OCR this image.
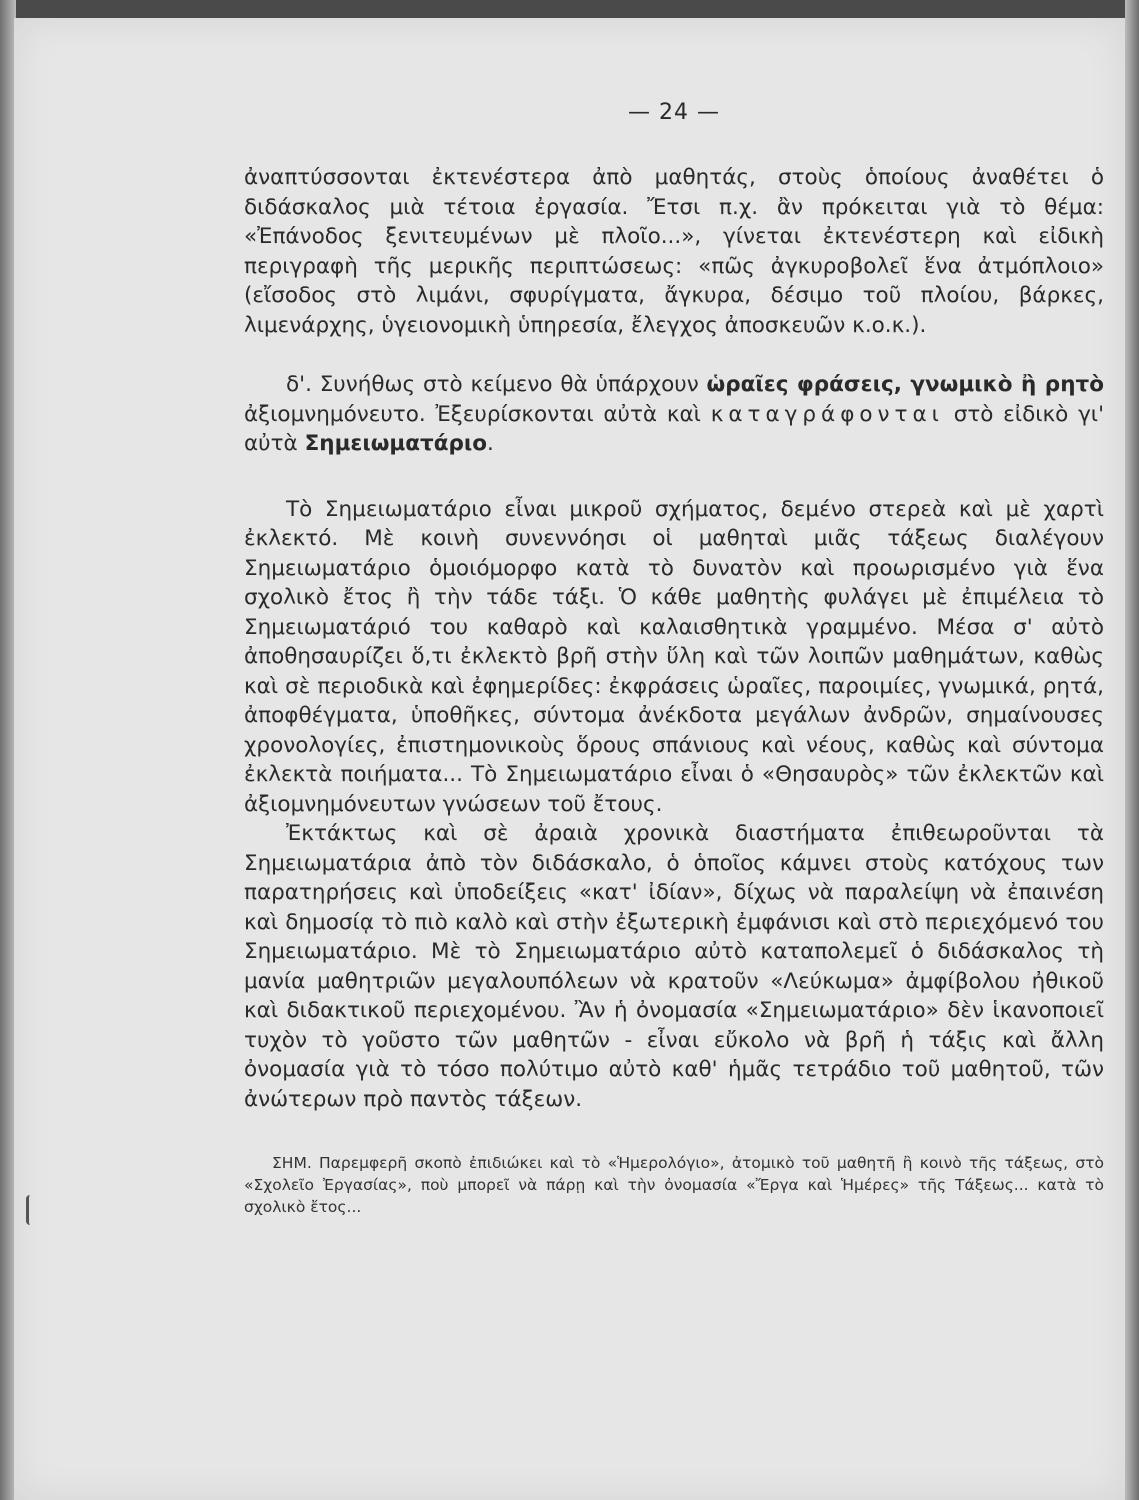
— 24 —

ἀναπτύσσονται ἐκτενέστερα ἀπὸ μαθητάς, στοὺς ὁποίους ἀναθέτει ὁ διδάσκαλος μιὰ τέτοια ἐργασία. Ἔτσι π.χ. ἂν πρόκειται γιὰ τὸ θέμα: «Ἐπάνοδος ξενιτευμένων μὲ πλοῖο...», γίνεται ἐκτενέστερη καὶ εἰδικὴ περιγραφὴ τῆς μερικῆς περιπτώσεως: «πῶς ἀγκυροβολεῖ ἕνα ἀτμόπλοιο» (εἴσοδος στὸ λιμάνι, σφυρίγματα, ἄγκυρα, δέσιμο τοῦ πλοίου, βάρκες, λιμενάρχης, ὑγειονομικὴ ὑπηρεσία, ἔλεγχος ἀποσκευῶν κ.ο.κ.).

δ'. Συνήθως στὸ κείμενο θὰ ὑπάρχουν ὡραῖες φράσεις, γνωμικὸ ἢ ρητὸ ἀξιομνημόνευτο. Ἐξευρίσκονται αὐτὰ καὶ καταγράφονται στὸ εἰδικὸ γι' αὐτὰ Σημειωματάριο.

Τὸ Σημειωματάριο εἶναι μικροῦ σχήματος, δεμένο στερεὰ καὶ μὲ χαρτὶ ἐκλεκτό. Μὲ κοινὴ συνεννόησι οἱ μαθηταὶ μιᾶς τάξεως διαλέγουν Σημειωματάριο ὁμοιόμορφο κατὰ τὸ δυνατὸν καὶ προωρισμένο γιὰ ἕνα σχολικὸ ἔτος ἢ τὴν τάδε τάξι. Ὁ κάθε μαθητὴς φυλάγει μὲ ἐπιμέλεια τὸ Σημειωματάριό του καθαρὸ καὶ καλαισθητικὰ γραμμένο. Μέσα σ' αὐτὸ ἀποθησαυρίζει ὅ,τι ἐκλεκτὸ βρῆ στὴν ὕλη καὶ τῶν λοιπῶν μαθημάτων, καθὼς καὶ σὲ περιοδικὰ καὶ ἐφημερίδες: ἐκφράσεις ὡραῖες, παροιμίες, γνωμικά, ρητά, ἀποφθέγματα, ὑποθῆκες, σύντομα ἀνέκδοτα μεγάλων ἀνδρῶν, σημαίνουσες χρονολογίες, ἐπιστημονικοὺς ὅρους σπάνιους καὶ νέους, καθὼς καὶ σύντομα ἐκλεκτὰ ποιήματα... Τὸ Σημειωματάριο εἶναι ὁ «Θησαυρὸς» τῶν ἐκλεκτῶν καὶ ἀξιομνημόνευτων γνώσεων τοῦ ἔτους.

Ἐκτάκτως καὶ σὲ ἀραιὰ χρονικὰ διαστήματα ἐπιθεωροῦνται τὰ Σημειωματάρια ἀπὸ τὸν διδάσκαλο, ὁ ὁποῖος κάμνει στοὺς κατόχους των παρατηρήσεις καὶ ὑποδείξεις «κατ' ἰδίαν», δίχως νὰ παραλείψη νὰ ἐπαινέση καὶ δημοσίᾳ τὸ πιὸ καλὸ καὶ στὴν ἐξωτερικὴ ἐμφάνισι καὶ στὸ περιεχόμενό του Σημειωματάριο. Μὲ τὸ Σημειωματάριο αὐτὸ καταπολεμεῖ ὁ διδάσκαλος τὴ μανία μαθητριῶν μεγαλουπόλεων νὰ κρατοῦν «Λεύκωμα» ἀμφίβολου ἠθικοῦ καὶ διδακτικοῦ περιεχομένου. Ἂν ἡ ὀνομασία «Σημειωματάριο» δὲν ἱκανοποιεῖ τυχὸν τὸ γοῦστο τῶν μαθητῶν - εἶναι εὔκολο νὰ βρῆ ἡ τάξις καὶ ἄλλη ὀνομασία γιὰ τὸ τόσο πολύτιμο αὐτὸ καθ' ἡμᾶς τετράδιο τοῦ μαθητοῦ, τῶν ἀνώτερων πρὸ παντὸς τάξεων.

ΣΗΜ. Παρεμφερῆ σκοπὸ ἐπιδιώκει καὶ τὸ «Ἡμερολόγιο», ἀτομικὸ τοῦ μαθητῆ ἢ κοινὸ τῆς τάξεως, στὸ «Σχολεῖο Ἐργασίας», ποὺ μπορεῖ νὰ πάρῃ καὶ τὴν ὀνομασία «Ἔργα καὶ Ἡμέρες» τῆς Τάξεως... κατὰ τὸ σχολικὸ ἔτος...
